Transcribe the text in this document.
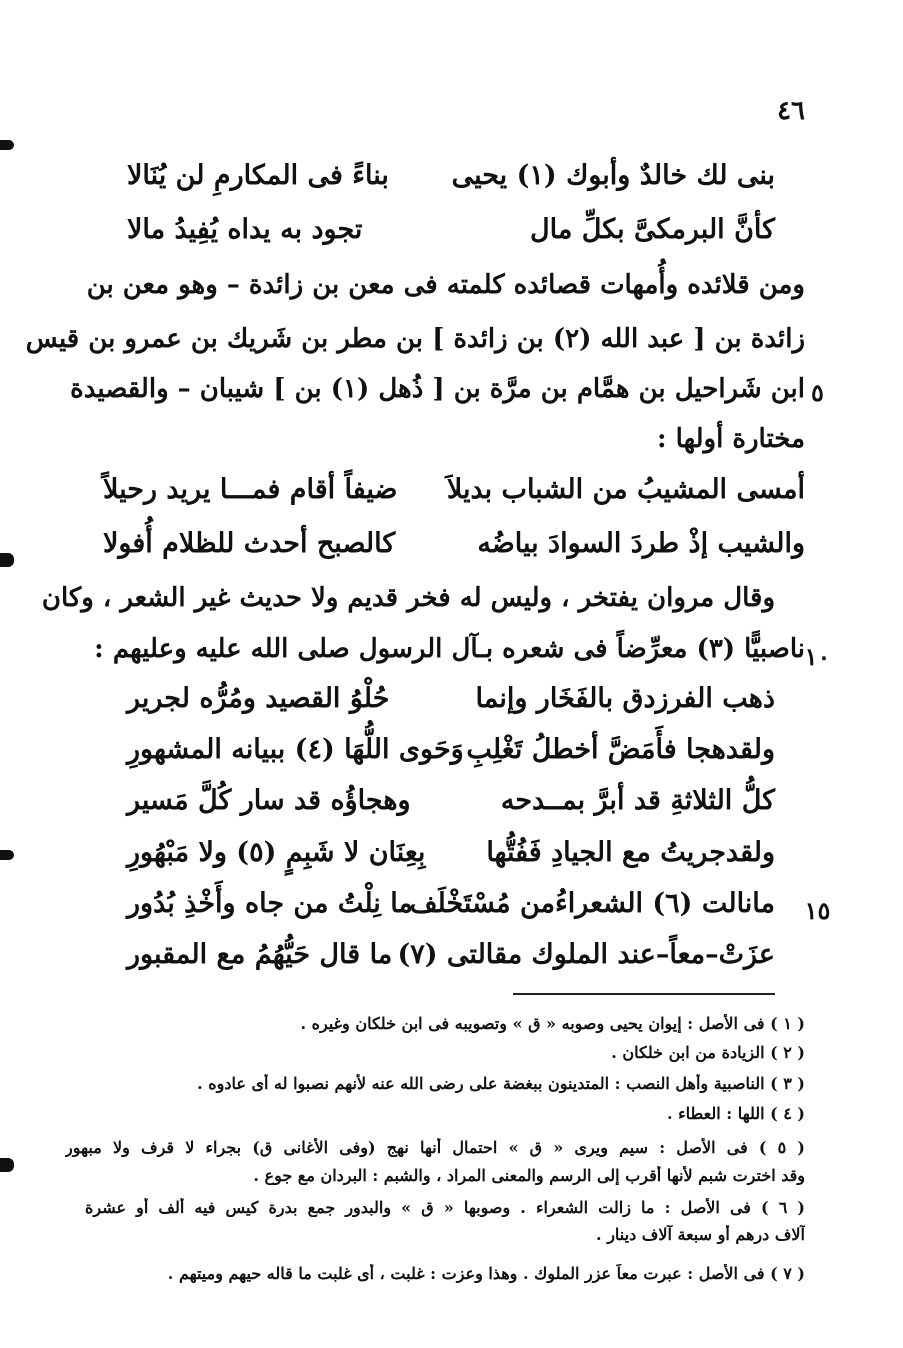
٤٦
بنى لك خالدٌ وأبوك (١) يحيى
بناءً فى المكارمِ لن يُنَالا
كأنَّ البرمكىَّ بكلِّ مال
تجود به يداه يُفِيدُ مالا
ومن قلائده وأُمهات قصائده كلمته فى معن بن زائدة – وهو معن بن
زائدة بن [ عبد الله (٢) بن زائدة ] بن مطر بن شَريك بن عمرو بن قيس
ابن شَراحيل بن همَّام بن مرَّة بن [ ذُهل (١) بن ] شيبان – والقصيدة ٥
مختارة أولها :
أمسى المشيبُ من الشباب بديلاَ
ضيفاً أقام فمـــا يريد رحيلاً
والشيب إذْ طردَ السوادَ بياضُه
كالصبح أحدث للظلام أُفولا
وقال مروان يفتخر ، وليس له فخر قديم ولا حديث غير الشعر ، وكان
ناصبيًّا (٣) معرِّضاً فى شعره بـآل الرسول صلى الله عليه وعليهم : ١٠
ذهب الفرزدق بالفَخَار وإنما
حُلْوُ القصيد ومُرُّه لجرير
ولقدهجا فأَمَضَّ أخطلُ تَغْلِبِ
وَحَوى اللُّهَا (٤) ببيانه المشهورِ
كلُّ الثلاثةِ قد أبرَّ بمــدحه
وهجاؤُه قد سار كُلَّ مَسير
ولقدجريتُ مع الجيادِ فَفُتُّها
بِعِنَان لا شَبِمٍ (٥) ولا مَبْهُورِ
مانالت (٦) الشعراءُمن مُسْتَخْلَف
ما نِلْتُ من جاه وأَخْذِ بُدُور	١٥
عزَتْ–معاً–عند الملوك مقالتى (٧)
ما قال حَيُّهُمُ مع المقبور
( ١ ) فى الأصل : إيوان يحيى وصوبه « ق » وتصويبه فى ابن خلكان وغيره .
( ٢ ) الزيادة من ابن خلكان .
( ٣ ) الناصبية وأهل النصب : المتدينون ببغضة على رضى الله عنه لأنهم نصبوا له أى عادوه .
( ٤ ) اللها : العطاء .
( ٥ ) فى الأصل : سيم ويرى « ق » احتمال أنها نهج (وفى الأغانى ق) بجراء لا قرف ولا مبهور
وقد اخترت شبم لأنها أقرب إلى الرسم والمعنى المراد ، والشبم : البردان مع جوع .
( ٦ ) فى الأصل : ما زالت الشعراء . وصوبها « ق » والبدور جمع بدرة كيس فيه ألف أو عشرة
آلاف درهم أو سبعة آلاف دينار .
( ٧ ) فى الأصل : عبرت معاً عزر الملوك . وهذا وعزت : غلبت ، أى غلبت ما قاله حيهم وميتهم .
